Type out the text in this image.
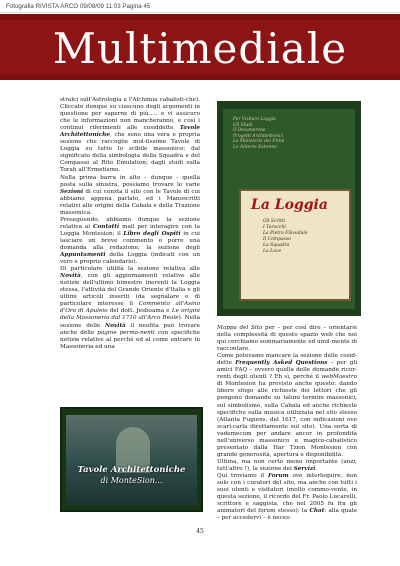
Fotografia RIVISTA ARCO 09/08/09 11:03 Pagina 45
Multimediale

stralci sull'Astrologia e l'Alchimia cabalisti-che). Cliccate dunque su ciascuno degli argomenti in questione per saperne di più..... e vi assicuro che le informazioni non mancheranno, e così i continui riferimenti alle cosiddette Tavole Architettoniche, che sono una vera e propria sezione che raccoglie mol-tissime Tavole di Loggia su tutto lo scibile massonico: dal significato della simbologia della Squadra e del Compasso al Rito Emulation; dagli studi sulla Torah all'Ermetismo.

Nella prima barra in alto – dunque - quella posta sulla sinistra, possiamo trovare le varie Sezioni di cui consta il sito con le Tavole di cui abbiamo appena parlato, ed i Manoscritti relativi alle origini della Cabala e della Trazione massonica.

Proseguendo, abbiamo dunque la sezione relativa ai Contatti mail per interagire con la Loggia Montesion; il Libro degli Ospiti in cui lasciare un breve commento o porre una domanda alla redazione; la sezione degli Appuntamenti della Loggia (indicati con un vero e proprio calendario).

Di particolare utilità la sezione relativa alle Novità, con gli aggiornamenti relative alle notizie dell'ultimo bimestre inerenti la Loggia stessa, l'attività del Grande Oriente d'Italia e gli ultimi articoli inseriti (da segnalare e di particolare interesse il Commento all'Asino d'Oro di Apuleio del dott. Jesboama e Le origini della Massoneria dal 1710 all'Arco Reale). Nella sezione delle Novità il neofita può trovare anche delle pagine perma-nenti con specifiche notizie relative al perché ed al come entrare in Massoneria ed una

Per Visitare Loggia
Gli Studi
Il Decamerone
Progetti Architettonici
Le Ministerie dei Primi
Le Altierte Estreme
La Loggia
Gli Scritti
I Tarocchi
La Pietra Filosofale
Il Compasso
La Squadra
La Luce

Mappa del Sito per – per così dire – orientarsi nella complessità di questo spazio web che noi qui cerchiamo sommariamente ed umil-mente di raccontare.

Come potevamo mancare la sezione delle cosid-dette Frequently Asked Questions – per gli amici FAQ – ovvero quella delle domande ricor-renti degli utenti ? Eh sì, perché il webMaestro di Montesion ha previsto anche questo: dando libero sfogo alle richieste dei lettori che gli pongono domande su taluni termini massonici, sul simbolismo, sulla Cabala ed anche richieste specifiche sulla musica utilizzata nel sito stesso (Atlanta Fugiens, del 1617, con indicazioni ove scari-carla direttamente sul sito). Una sorta di vademecum per andare ancor in profondità nell'universo massonico e magico-cabalistico presentato dalla Har Tzion Montesion con grande generosità, apertura e disponibilità.

Ultima, ma non certo meno importante (anzi, tutt'altro !), la sezione dei Servizi.

Qui troviamo il Forum ove interloquire, non solo con i curatori del sito, ma anche con tutti i suoi utenti e visitatori (molto commo-vente, in questa sezione, il ricordo del Fr. Paolo Lucarelli, scrittore e saggista, che nel 2005 fu fra gli animatori del forum stesso): la Chat: alla quale – per accedervi – è neces-

Tavole Architettoniche
di MonteSion...
45
